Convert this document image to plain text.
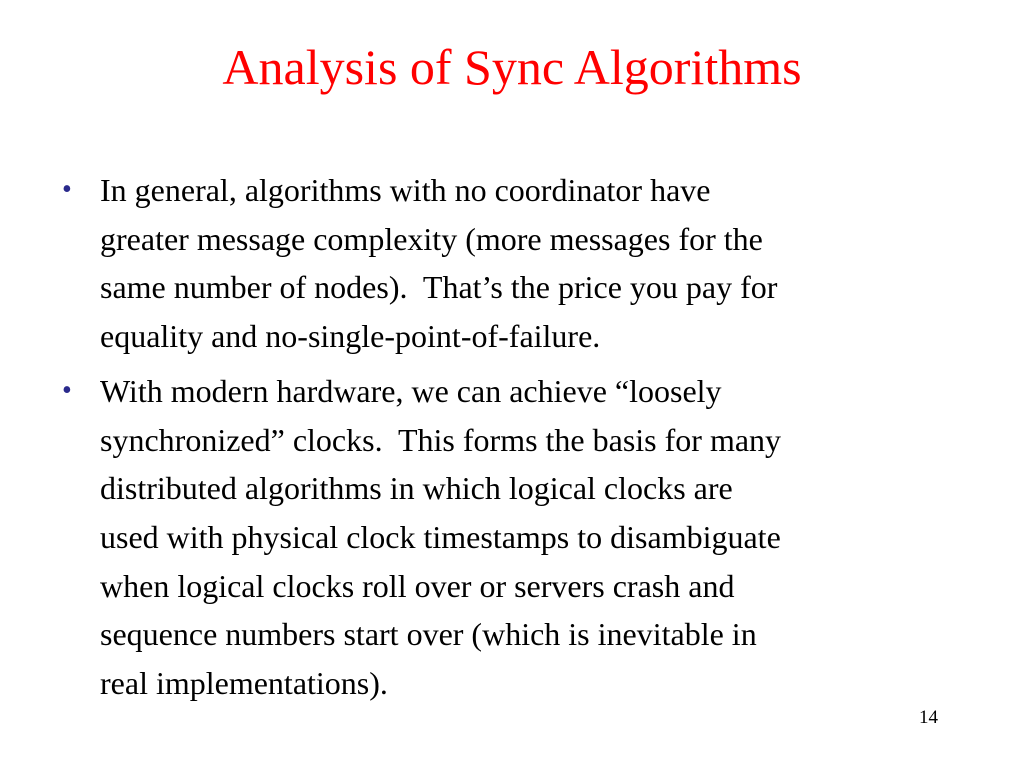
Analysis of Sync Algorithms
• In general, algorithms with no coordinator have
greater message complexity (more messages for the
same number of nodes).  That’s the price you pay for
equality and no-single-point-of-failure.
• With modern hardware, we can achieve “loosely
synchronized” clocks.  This forms the basis for many
distributed algorithms in which logical clocks are
used with physical clock timestamps to disambiguate
when logical clocks roll over or servers crash and
sequence numbers start over (which is inevitable in
real implementations).
14
